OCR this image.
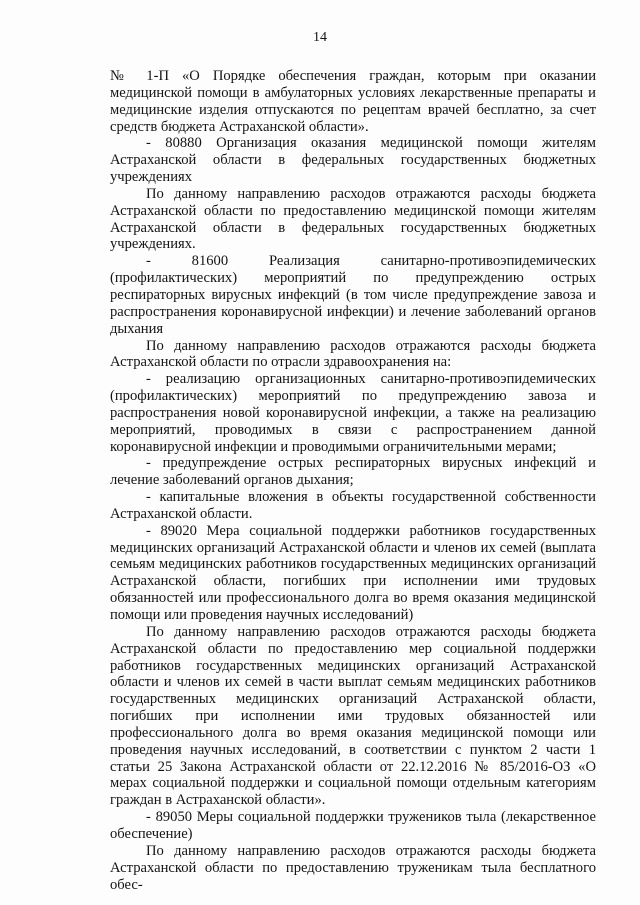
14

№ 1-П «О Порядке обеспечения граждан, которым при оказании медицинской помощи в амбулаторных условиях лекарственные препараты и медицинские изделия отпускаются по рецептам врачей бесплатно, за счет средств бюджета Астраханской области».

- 80880 Организация оказания медицинской помощи жителям Астраханской области в федеральных государственных бюджетных учреждениях

По данному направлению расходов отражаются расходы бюджета Астраханской области по предоставлению медицинской помощи жителям Астраханской области в федеральных государственных бюджетных учреждениях.

- 81600 Реализация санитарно-противоэпидемических (профилактических) мероприятий по предупреждению острых респираторных вирусных инфекций (в том числе предупреждение завоза и распространения коронавирусной инфекции) и лечение заболеваний органов дыхания

По данному направлению расходов отражаются расходы бюджета Астраханской области по отрасли здравоохранения на:

- реализацию организационных санитарно-противоэпидемических (профилактических) мероприятий по предупреждению завоза и распространения новой коронавирусной инфекции, а также на реализацию мероприятий, проводимых в связи с распространением данной коронавирусной инфекции и проводимыми ограничительными мерами;

- предупреждение острых респираторных вирусных инфекций и лечение заболеваний органов дыхания;

- капитальные вложения в объекты государственной собственности Астраханской области.

- 89020 Мера социальной поддержки работников государственных медицинских организаций Астраханской области и членов их семей (выплата семьям медицинских работников государственных медицинских организаций Астраханской области, погибших при исполнении ими трудовых обязанностей или профессионального долга во время оказания медицинской помощи или проведения научных исследований)

По данному направлению расходов отражаются расходы бюджета Астраханской области по предоставлению мер социальной поддержки работников государственных медицинских организаций Астраханской области и членов их семей в части выплат семьям медицинских работников государственных медицинских организаций Астраханской области, погибших при исполнении ими трудовых обязанностей или профессионального долга во время оказания медицинской помощи или проведения научных исследований, в соответствии с пунктом 2 части 1 статьи 25 Закона Астраханской области от 22.12.2016 № 85/2016-ОЗ «О мерах социальной поддержки и социальной помощи отдельным категориям граждан в Астраханской области».

- 89050 Меры социальной поддержки тружеников тыла (лекарственное обеспечение)

По данному направлению расходов отражаются расходы бюджета Астраханской области по предоставлению труженикам тыла бесплатного обес-
